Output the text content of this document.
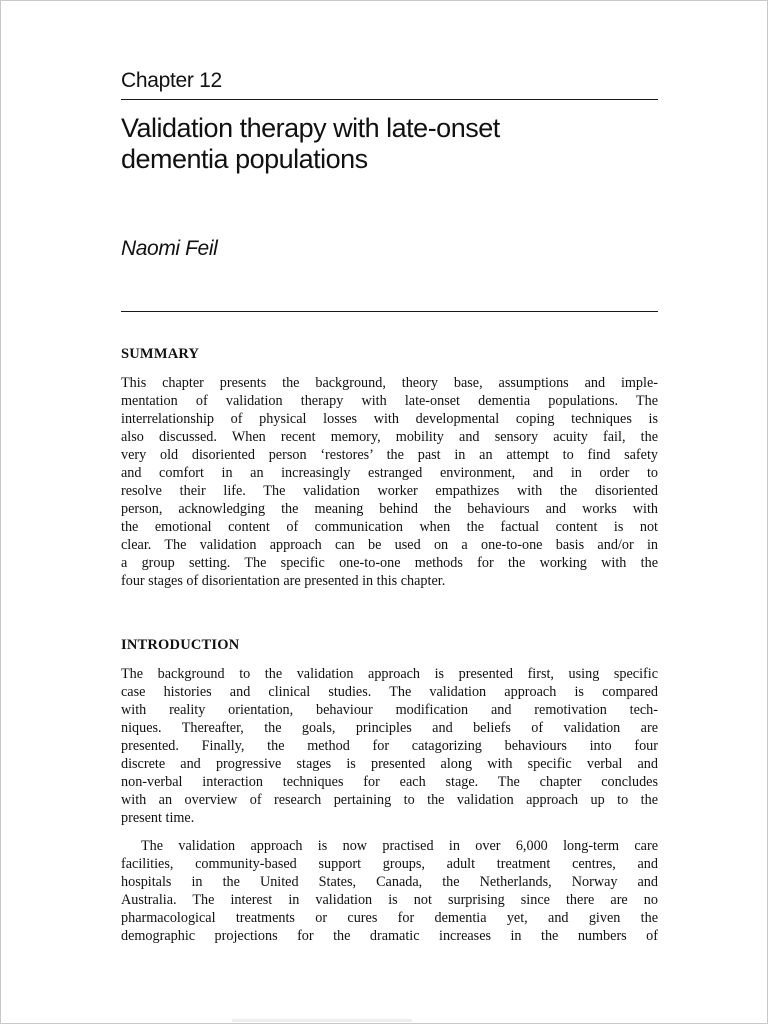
Chapter 12
Validation therapy with late-onset
dementia populations
Naomi Feil
SUMMARY
This chapter presents the background, theory base, assumptions and imple-
mentation of validation therapy with late-onset dementia populations. The
interrelationship of physical losses with developmental coping techniques is
also discussed. When recent memory, mobility and sensory acuity fail, the
very old disoriented person ‘restores’ the past in an attempt to find safety
and comfort in an increasingly estranged environment, and in order to
resolve their life. The validation worker empathizes with the disoriented
person, acknowledging the meaning behind the behaviours and works with
the emotional content of communication when the factual content is not
clear. The validation approach can be used on a one-to-one basis and/or in
a group setting. The specific one-to-one methods for the working with the
four stages of disorientation are presented in this chapter.
INTRODUCTION
The background to the validation approach is presented first, using specific
case histories and clinical studies. The validation approach is compared
with reality orientation, behaviour modification and remotivation tech-
niques. Thereafter, the goals, principles and beliefs of validation are
presented. Finally, the method for catagorizing behaviours into four
discrete and progressive stages is presented along with specific verbal and
non-verbal interaction techniques for each stage. The chapter concludes
with an overview of research pertaining to the validation approach up to the
present time.
The validation approach is now practised in over 6,000 long-term care
facilities, community-based support groups, adult treatment centres, and
hospitals in the United States, Canada, the Netherlands, Norway and
Australia. The interest in validation is not surprising since there are no
pharmacological treatments or cures for dementia yet, and given the
demographic projections for the dramatic increases in the numbers of
